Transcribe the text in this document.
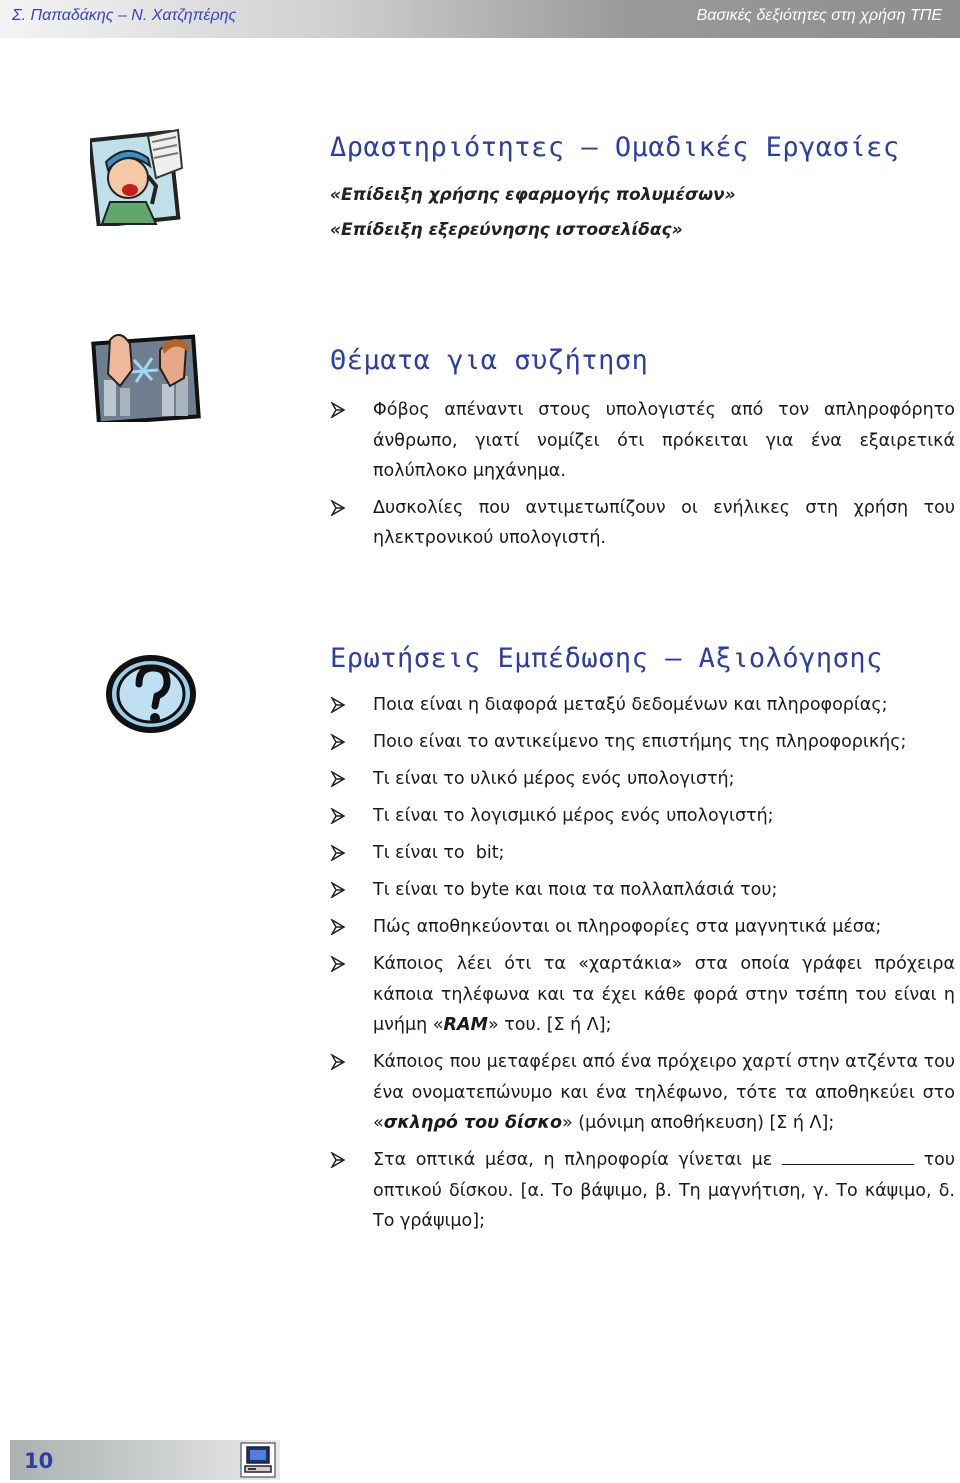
Σ. Παπαδάκης – Ν. Χατζηπέρης	Βασικές δεξιότητες στη χρήση ΤΠΕ
Δραστηριότητες – Ομαδικές Εργασίες
«Επίδειξη χρήσης εφαρμογής πολυμέσων»
«Επίδειξη εξερεύνησης ιστοσελίδας»
Θέματα για συζήτηση
Φόβος απέναντι στους υπολογιστές από τον απληροφόρητο άνθρωπο, γιατί νομίζει ότι πρόκειται για ένα εξαιρετικά πολύπλοκο μηχάνημα.
Δυσκολίες που αντιμετωπίζουν οι ενήλικες στη χρήση του ηλεκτρονικού υπολογιστή.
Ερωτήσεις Εμπέδωσης – Αξιολόγησης
Ποια είναι η διαφορά μεταξύ δεδομένων και πληροφορίας;
Ποιο είναι το αντικείμενο της επιστήμης της πληροφορικής;
Τι είναι το υλικό μέρος ενός υπολογιστή;
Τι είναι το λογισμικό μέρος ενός υπολογιστή;
Τι είναι το  bit;
Τι είναι το byte και ποια τα πολλαπλάσιά του;
Πώς αποθηκεύονται οι πληροφορίες στα μαγνητικά μέσα;
Κάποιος λέει ότι τα «χαρτάκια» στα οποία γράφει πρόχειρα κάποια τηλέφωνα και τα έχει κάθε φορά στην τσέπη του είναι η μνήμη «RAM» του. [Σ ή Λ];
Κάποιος που μεταφέρει από ένα πρόχειρο χαρτί στην ατζέντα του ένα ονοματεπώνυμο και ένα τηλέφωνο, τότε τα αποθηκεύει στο «σκληρό του δίσκο» (μόνιμη αποθήκευση) [Σ ή Λ];
Στα οπτικά μέσα, η πληροφορία γίνεται με	του οπτικού δίσκου. [α. Το βάψιμο, β. Τη μαγνήτιση, γ. Το κάψιμο, δ. Το γράψιμο];
10
